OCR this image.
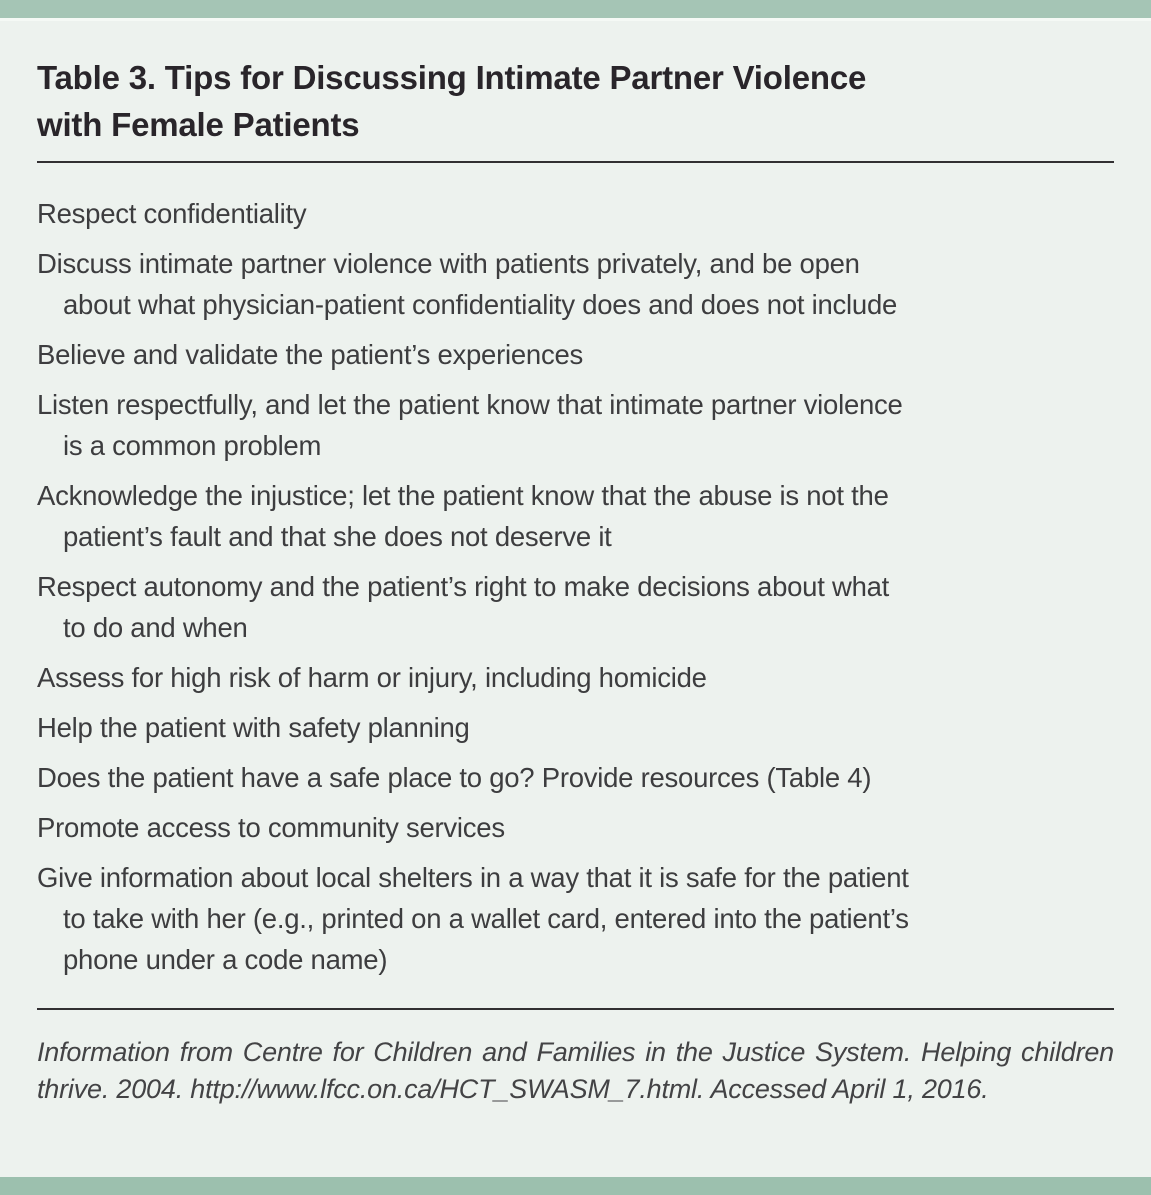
Table 3. Tips for Discussing Intimate Partner Violence
with Female Patients
Respect confidentiality
Discuss intimate partner violence with patients privately, and be open
about what physician-patient confidentiality does and does not include
Believe and validate the patient’s experiences
Listen respectfully, and let the patient know that intimate partner violence
is a common problem
Acknowledge the injustice; let the patient know that the abuse is not the
patient’s fault and that she does not deserve it
Respect autonomy and the patient’s right to make decisions about what
to do and when
Assess for high risk of harm or injury, including homicide
Help the patient with safety planning
Does the patient have a safe place to go? Provide resources (Table 4)
Promote access to community services
Give information about local shelters in a way that it is safe for the patient
to take with her (e.g., printed on a wallet card, entered into the patient’s
phone under a code name)

Information from Centre for Children and Families in the Justice System. Helping children thrive. 2004. http://www.lfcc.on.ca/HCT_SWASM_7.html. Accessed April 1, 2016.
